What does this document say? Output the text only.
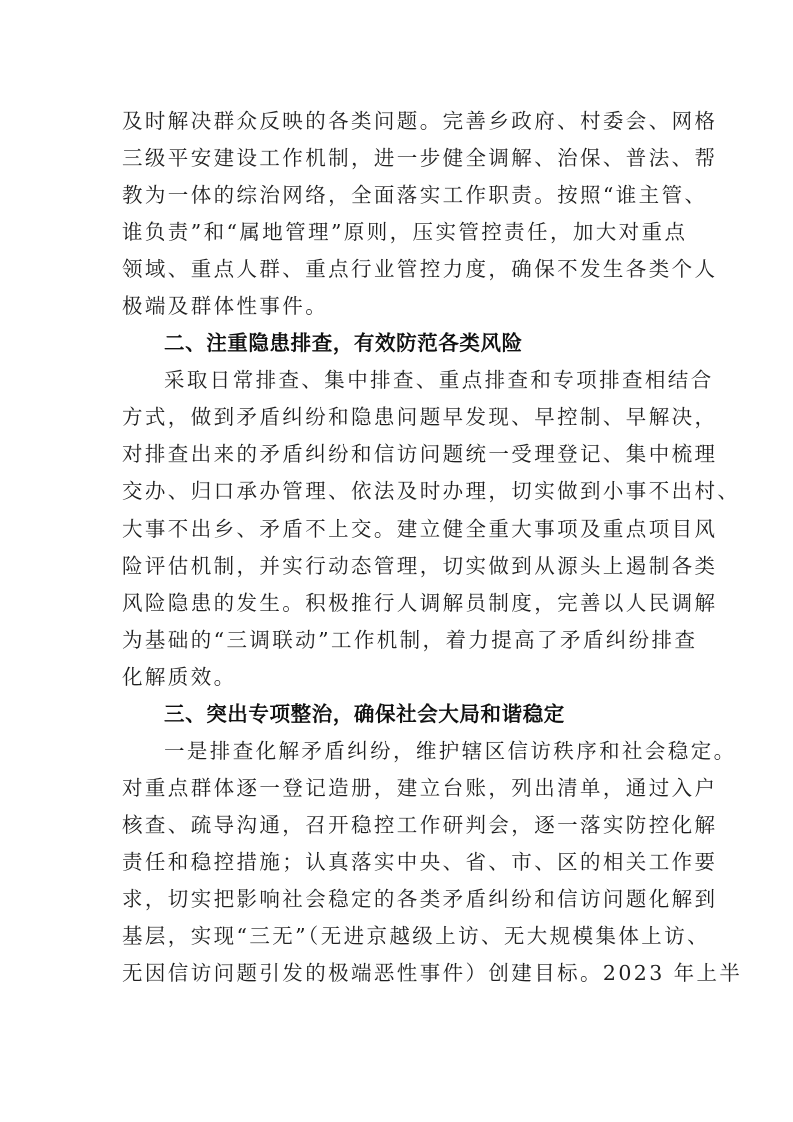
及时解决群众反映的各类问题。完善乡政府、村委会、网格
三级平安建设工作机制，进一步健全调解、治保、普法、帮
教为一体的综治网络，全面落实工作职责。按照“谁主管、
谁负责”和“属地管理”原则，压实管控责任，加大对重点
领域、重点人群、重点行业管控力度，确保不发生各类个人
极端及群体性事件。
二、注重隐患排查，有效防范各类风险
采取日常排查、集中排查、重点排查和专项排查相结合
方式，做到矛盾纠纷和隐患问题早发现、早控制、早解决，
对排查出来的矛盾纠纷和信访问题统一受理登记、集中梳理
交办、归口承办管理、依法及时办理，切实做到小事不出村、
大事不出乡、矛盾不上交。建立健全重大事项及重点项目风
险评估机制，并实行动态管理，切实做到从源头上遏制各类
风险隐患的发生。积极推行人调解员制度，完善以人民调解
为基础的“三调联动”工作机制，着力提高了矛盾纠纷排查
化解质效。
三、突出专项整治，确保社会大局和谐稳定
一是排查化解矛盾纠纷，维护辖区信访秩序和社会稳定。
对重点群体逐一登记造册，建立台账，列出清单，通过入户
核查、疏导沟通，召开稳控工作研判会，逐一落实防控化解
责任和稳控措施；认真落实中央、省、市、区的相关工作要
求，切实把影响社会稳定的各类矛盾纠纷和信访问题化解到
基层，实现“三无”（无进京越级上访、无大规模集体上访、
无因信访问题引发的极端恶性事件）创建目标。2023 年上半
